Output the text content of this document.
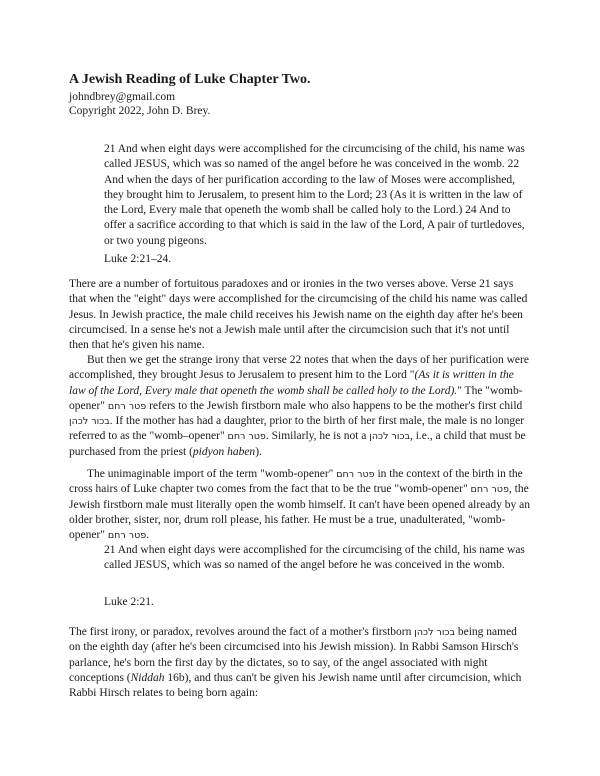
A Jewish Reading of Luke Chapter Two.
johndbrey@gmail.com
Copyright 2022, John D. Brey.
21 And when eight days were accomplished for the circumcising of the child, his name was called JESUS, which was so named of the angel before he was conceived in the womb. 22 And when the days of her purification according to the law of Moses were accomplished, they brought him to Jerusalem, to present him to the Lord; 23 (As it is written in the law of the Lord, Every male that openeth the womb shall be called holy to the Lord.) 24 And to offer a sacrifice according to that which is said in the law of the Lord, A pair of turtledoves, or two young pigeons.
Luke 2:21–24.
There are a number of fortuitous paradoxes and or ironies in the two verses above. Verse 21 says that when the "eight" days were accomplished for the circumcising of the child his name was called Jesus. In Jewish practice, the male child receives his Jewish name on the eighth day after he's been circumcised. In a sense he's not a Jewish male until after the circumcision such that it's not until then that he's given his name.
But then we get the strange irony that verse 22 notes that when the days of her purification were accomplished, they brought Jesus to Jerusalem to present him to the Lord "(As it is written in the law of the Lord, Every male that openeth the womb shall be called holy to the Lord)." The "womb-opener" פטר רחם refers to the Jewish firstborn male who also happens to be the mother's first child בכור לכהן. If the mother has had a daughter, prior to the birth of her first male, the male is no longer referred to as the "womb–opener" פטר רחם. Similarly, he is not a בכור לכהן, i.e., a child that must be purchased from the priest (pidyon haben).
The unimaginable import of the term "womb-opener" פטר רחם in the context of the birth in the cross hairs of Luke chapter two comes from the fact that to be the true "womb-opener" פטר רחם, the Jewish firstborn male must literally open the womb himself. It can't have been opened already by an older brother, sister, nor, drum roll please, his father. He must be a true, unadulterated, "womb-opener" פטר רחם.
21 And when eight days were accomplished for the circumcising of the child, his name was called JESUS, which was so named of the angel before he was conceived in the womb.
Luke 2:21.
The first irony, or paradox, revolves around the fact of a mother's firstborn בכור לכהן being named on the eighth day (after he's been circumcised into his Jewish mission). In Rabbi Samson Hirsch's parlance, he's born the first day by the dictates, so to say, of the angel associated with night conceptions (Niddah 16b), and thus can't be given his Jewish name until after circumcision, which Rabbi Hirsch relates to being born again:
